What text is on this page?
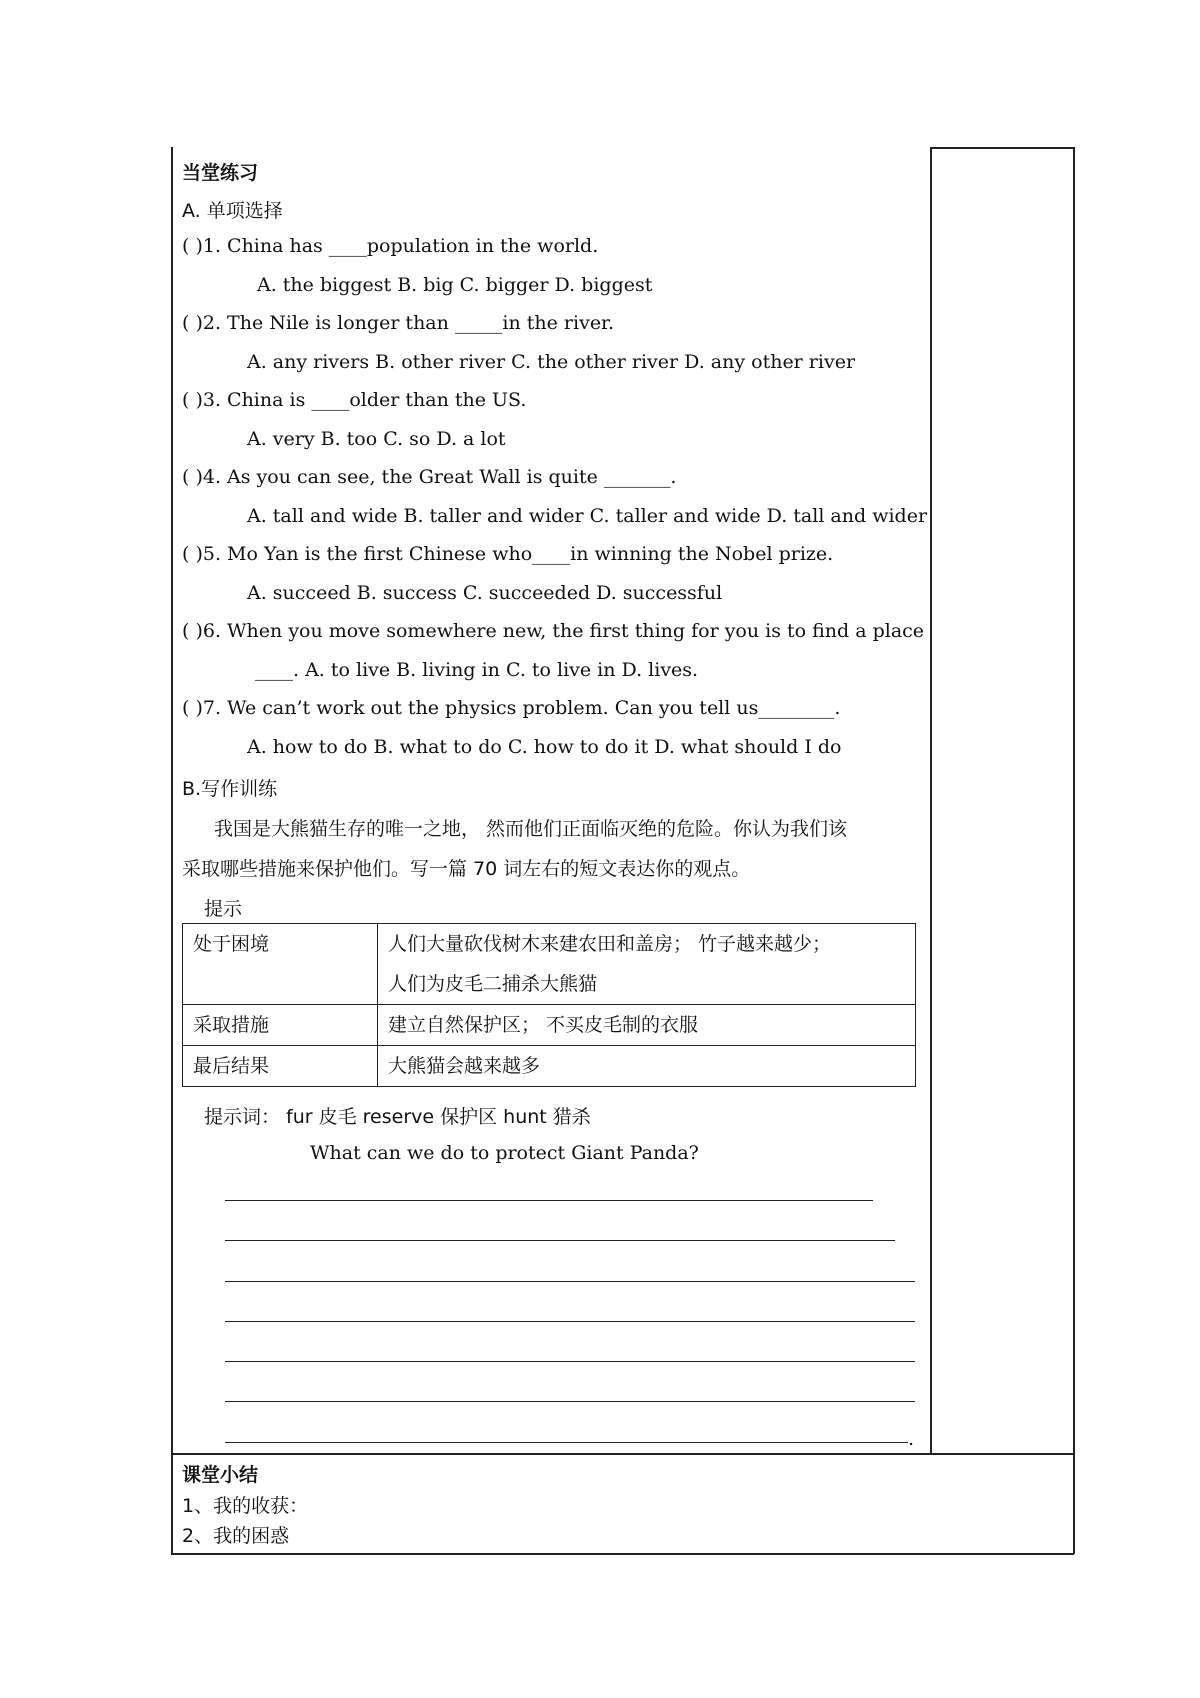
当堂练习
A. 单项选择
( )1. China has ____population in the world.
A. the biggest B. big C. bigger D. biggest
( )2. The Nile is longer than _____in the river.
A. any rivers B. other river C. the other river D. any other river
( )3. China is ____older than the US.
A. very B. too C. so D. a lot
( )4. As you can see, the Great Wall is quite _______.
A. tall and wide B. taller and wider C. taller and wide D. tall and wider
( )5. Mo Yan is the first Chinese who____in winning the Nobel prize.
A. succeed B. success C. succeeded D. successful
( )6. When you move somewhere new, the first thing for you is to find a place
____. A. to live B. living in C. to live in D. lives.
( )7. We can’t work out the physics problem. Can you tell us________.
A. how to do B. what to do C. how to do it D. what should I do
B.写作训练
我国是大熊猫生存的唯一之地， 然而他们正面临灭绝的危险。你认为我们该
采取哪些措施来保护他们。写一篇 70 词左右的短文表达你的观点。
提示
处于困境	人们大量砍伐树木来建农田和盖房； 竹子越来越少；
人们为皮毛二捕杀大熊猫

采取措施	建立自然保护区； 不买皮毛制的衣服
最后结果	大熊猫会越来越多
提示词： fur 皮毛 reserve 保护区 hunt 猎杀
What can we do to protect Giant Panda?
.
课堂小结
1、我的收获：
2、我的困惑
